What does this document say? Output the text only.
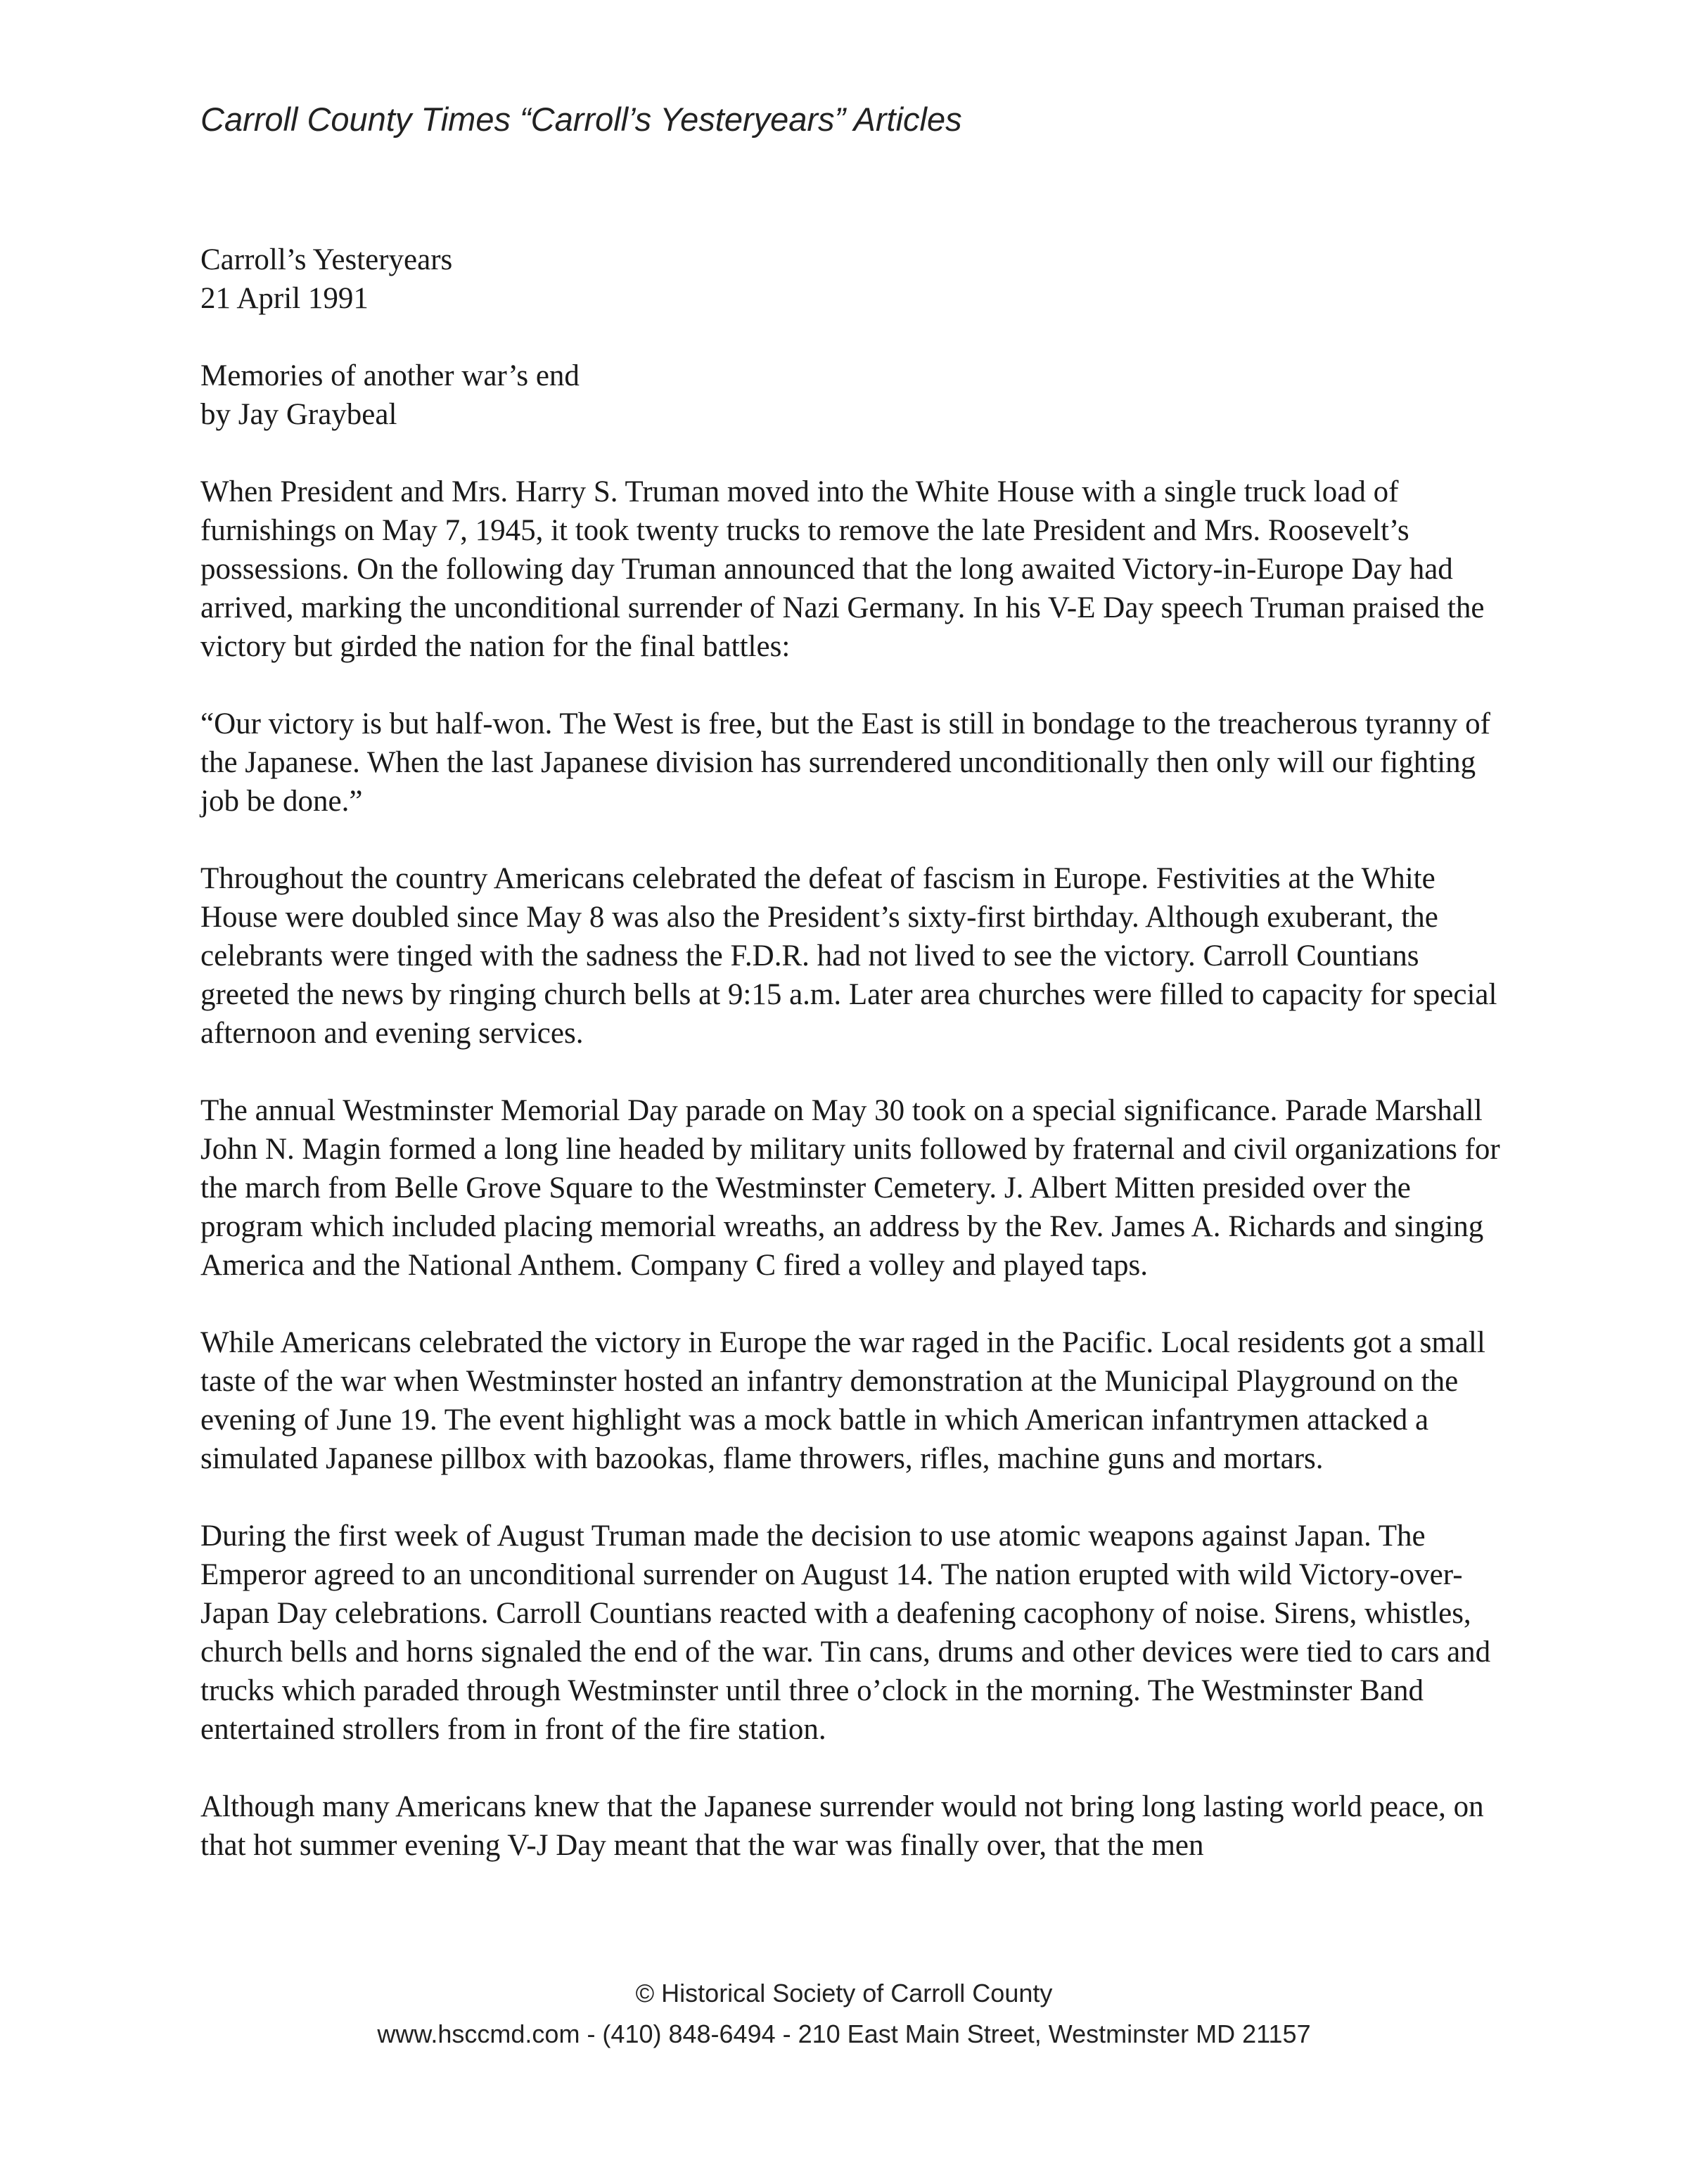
Carroll County Times “Carroll’s Yesteryears” Articles

Carroll’s Yesteryears

21 April 1991

Memories of another war’s end

by Jay Graybeal

When President and Mrs. Harry S. Truman moved into the White House with a single truck load of furnishings on May 7, 1945, it took twenty trucks to remove the late President and Mrs. Roosevelt’s possessions. On the following day Truman announced that the long awaited Victory-in-Europe Day had arrived, marking the unconditional surrender of Nazi Germany. In his V-E Day speech Truman praised the victory but girded the nation for the final battles:

“Our victory is but half-won. The West is free, but the East is still in bondage to the treacherous tyranny of the Japanese. When the last Japanese division has surrendered unconditionally then only will our fighting job be done.”

Throughout the country Americans celebrated the defeat of fascism in Europe. Festivities at the White House were doubled since May 8 was also the President’s sixty-first birthday. Although exuberant, the celebrants were tinged with the sadness the F.D.R. had not lived to see the victory. Carroll Countians greeted the news by ringing church bells at 9:15 a.m. Later area churches were filled to capacity for special afternoon and evening services.

The annual Westminster Memorial Day parade on May 30 took on a special significance. Parade Marshall John N. Magin formed a long line headed by military units followed by fraternal and civil organizations for the march from Belle Grove Square to the Westminster Cemetery. J. Albert Mitten presided over the program which included placing memorial wreaths, an address by the Rev. James A. Richards and singing America and the National Anthem. Company C fired a volley and played taps.

While Americans celebrated the victory in Europe the war raged in the Pacific. Local residents got a small taste of the war when Westminster hosted an infantry demonstration at the Municipal Playground on the evening of June 19. The event highlight was a mock battle in which American infantrymen attacked a simulated Japanese pillbox with bazookas, flame throwers, rifles, machine guns and mortars.

During the first week of August Truman made the decision to use atomic weapons against Japan. The Emperor agreed to an unconditional surrender on August 14. The nation erupted with wild Victory-over-Japan Day celebrations. Carroll Countians reacted with a deafening cacophony of noise. Sirens, whistles, church bells and horns signaled the end of the war. Tin cans, drums and other devices were tied to cars and trucks which paraded through Westminster until three o’clock in the morning. The Westminster Band entertained strollers from in front of the fire station.

Although many Americans knew that the Japanese surrender would not bring long lasting world peace, on that hot summer evening V-J Day meant that the war was finally over, that the men

© Historical Society of Carroll County
www.hsccmd.com - (410) 848-6494 - 210 East Main Street, Westminster MD 21157
